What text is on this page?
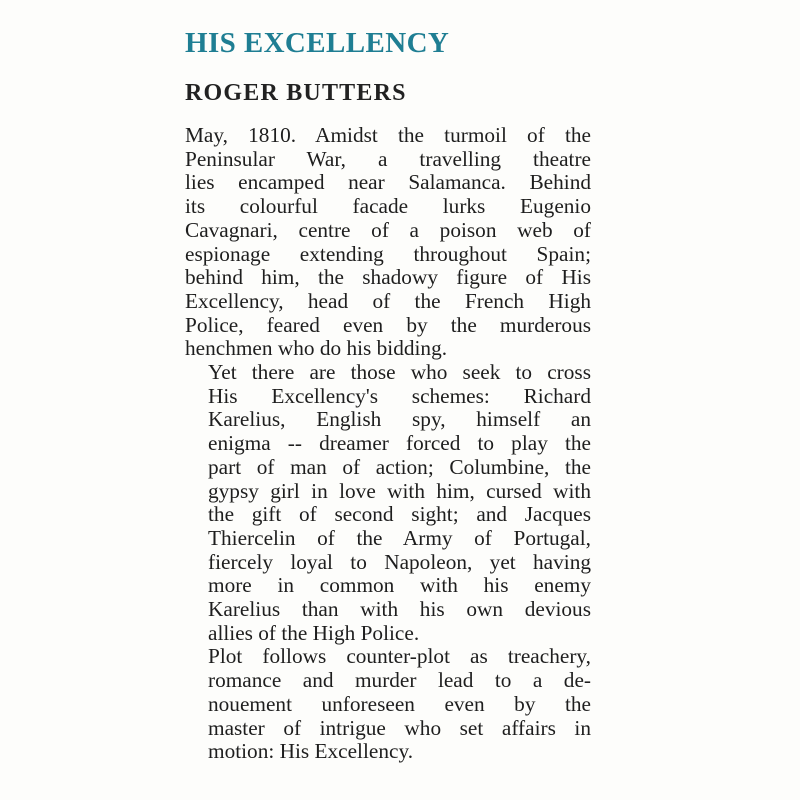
HIS EXCELLENCY
ROGER BUTTERS

May, 1810. Amidst the turmoil of the
Peninsular War, a travelling theatre
lies encamped near Salamanca. Behind
its colourful facade lurks Eugenio
Cavagnari, centre of a poison web of
espionage extending throughout Spain;
behind him, the shadowy figure of His
Excellency, head of the French High
Police, feared even by the murderous
henchmen who do his bidding.

Yet there are those who seek to cross
His Excellency's schemes: Richard
Karelius, English spy, himself an
enigma -- dreamer forced to play the
part of man of action; Columbine, the
gypsy girl in love with him, cursed with
the gift of second sight; and Jacques
Thiercelin of the Army of Portugal,
fiercely loyal to Napoleon, yet having
more in common with his enemy
Karelius than with his own devious
allies of the High Police.

Plot follows counter-plot as treachery,
romance and murder lead to a de-
nouement unforeseen even by the
master of intrigue who set affairs in
motion: His Excellency.
